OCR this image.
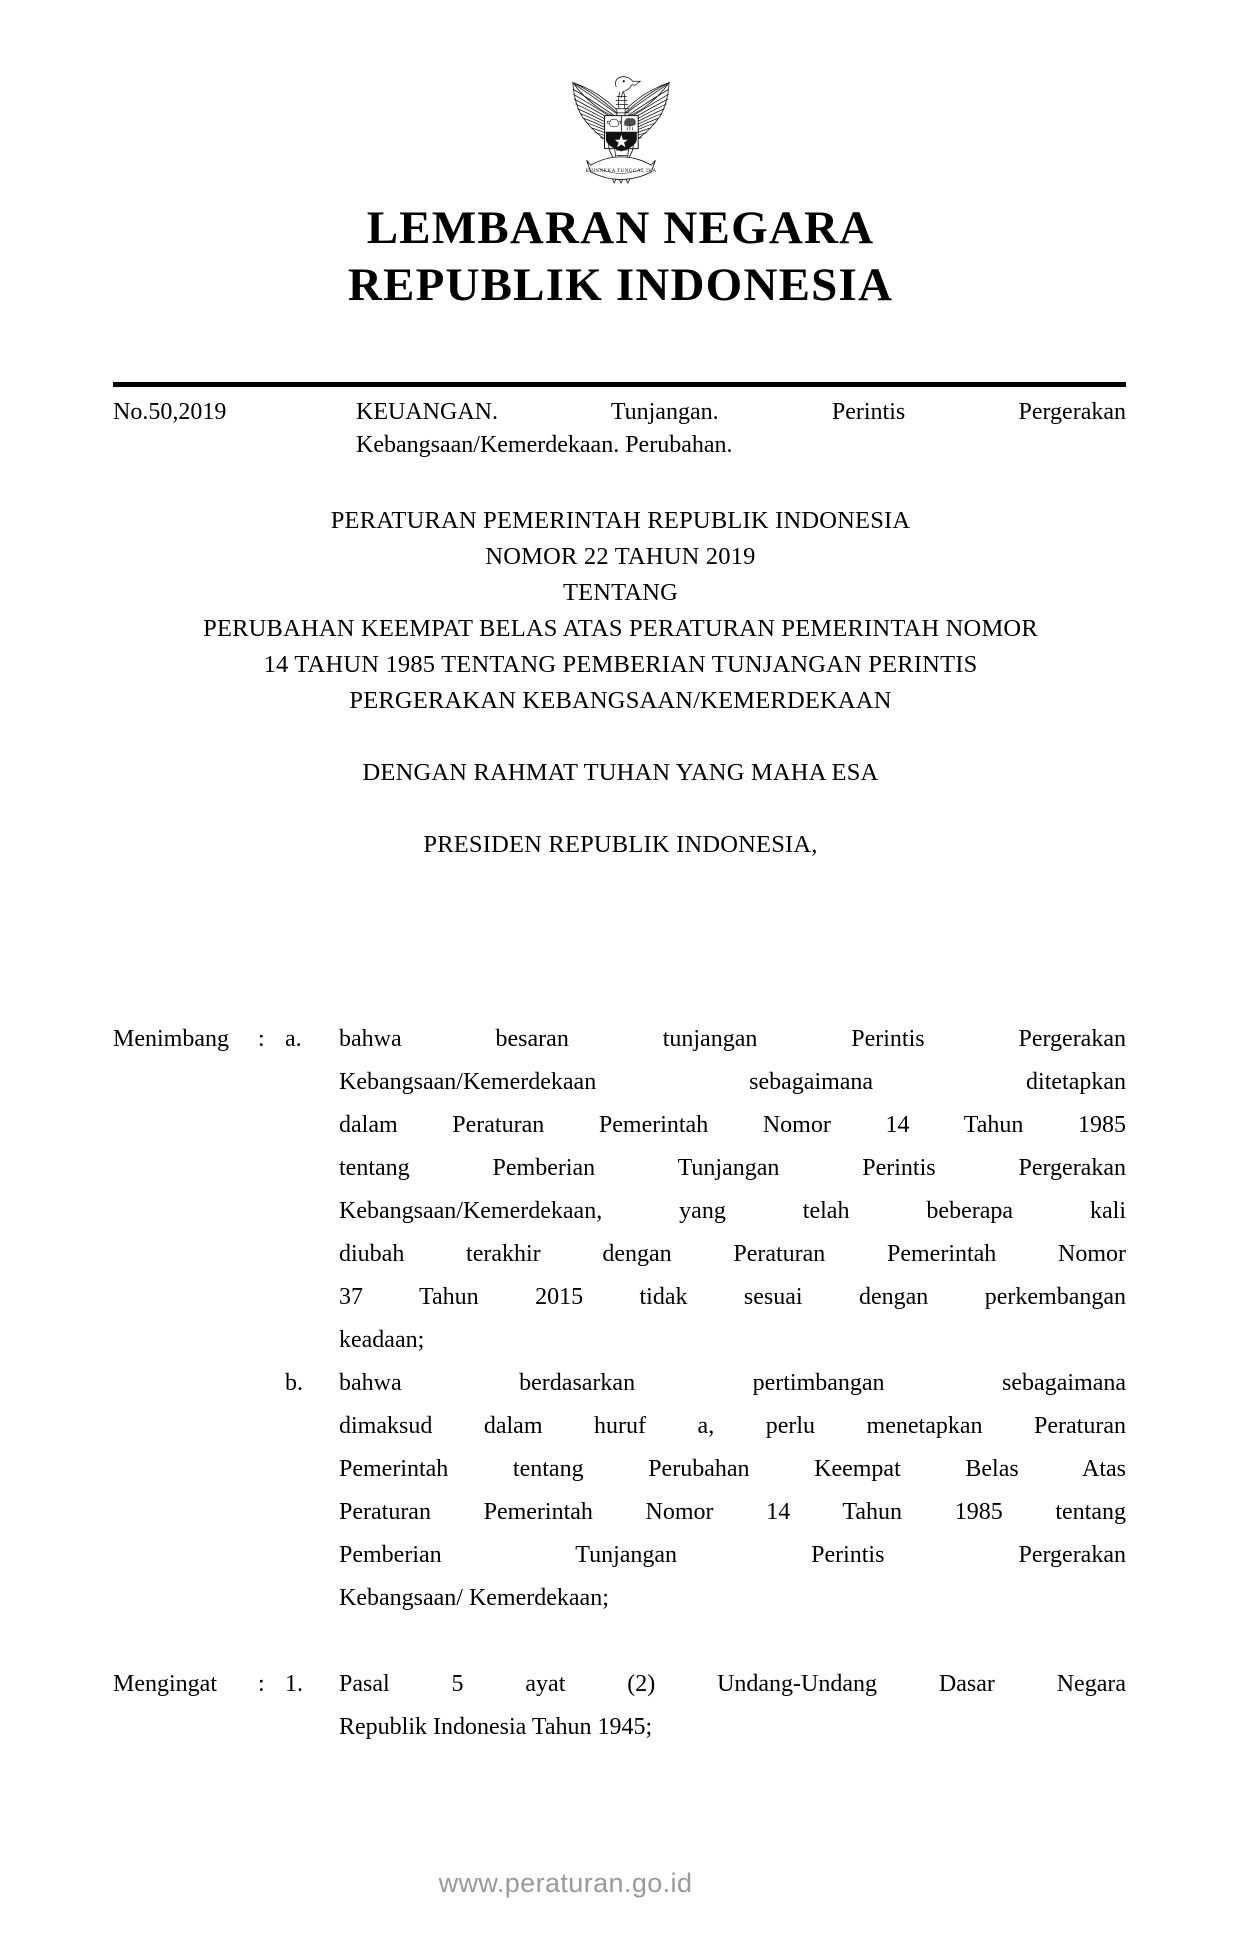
BHINNEKA TUNGGAL IKA
LEMBARAN NEGARA
REPUBLIK INDONESIA
No.50,2019	KEUANGAN. Tunjangan. Perintis Pergerakan
Kebangsaan/Kemerdekaan. Perubahan.
PERATURAN PEMERINTAH REPUBLIK INDONESIA
NOMOR 22 TAHUN 2019
TENTANG
PERUBAHAN KEEMPAT BELAS ATAS PERATURAN PEMERINTAH NOMOR
14 TAHUN 1985 TENTANG PEMBERIAN TUNJANGAN PERINTIS
PERGERAKAN KEBANGSAAN/KEMERDEKAAN
DENGAN RAHMAT TUHAN YANG MAHA ESA
PRESIDEN REPUBLIK INDONESIA,
Menimbang	: a.	bahwa besaran tunjangan Perintis Pergerakan
Kebangsaan/Kemerdekaan sebagaimana ditetapkan
dalam Peraturan Pemerintah Nomor 14 Tahun 1985
tentang Pemberian Tunjangan Perintis Pergerakan
Kebangsaan/Kemerdekaan, yang telah beberapa kali
diubah terakhir dengan Peraturan Pemerintah Nomor
37 Tahun 2015 tidak sesuai dengan perkembangan
keadaan;
b.	bahwa berdasarkan pertimbangan sebagaimana
dimaksud dalam huruf a, perlu menetapkan Peraturan
Pemerintah tentang Perubahan Keempat Belas Atas
Peraturan Pemerintah Nomor 14 Tahun 1985 tentang
Pemberian Tunjangan Perintis Pergerakan
Kebangsaan/ Kemerdekaan;
Mengingat	: 1.	Pasal 5 ayat (2) Undang-Undang Dasar Negara
Republik Indonesia Tahun 1945;
www.peraturan.go.id
